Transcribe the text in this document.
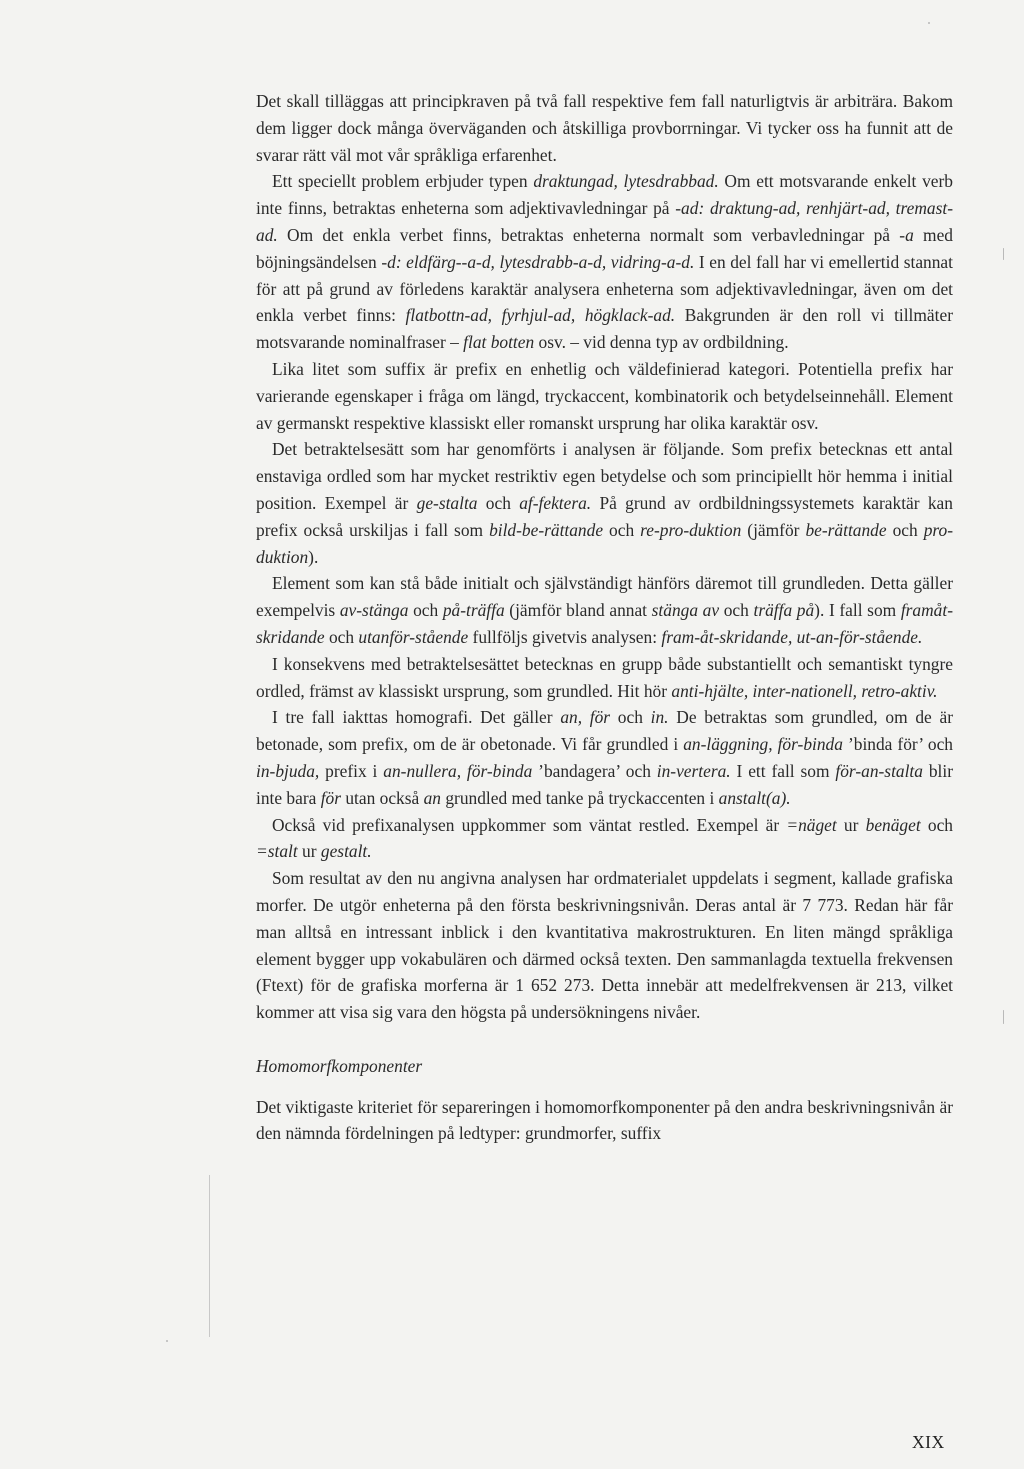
Det skall tilläggas att principkraven på två fall respektive fem fall naturligtvis är arbiträra. Bakom dem ligger dock många överväganden och åtskilliga provborrningar. Vi tycker oss ha funnit att de svarar rätt väl mot vår språkliga erfarenhet.

Ett speciellt problem erbjuder typen draktungad, lytesdrabbad. Om ett motsvarande enkelt verb inte finns, betraktas enheterna som adjektivavledningar på -ad: draktung-ad, renhjärt-ad, tremast-ad. Om det enkla verbet finns, betraktas enheterna normalt som verbavledningar på -a med böjningsändelsen -d: eldfärg--a-d, lytesdrabb-a-d, vidring-a-d. I en del fall har vi emellertid stannat för att på grund av förledens karaktär analysera enheterna som adjektivavledningar, även om det enkla verbet finns: flatbottn-ad, fyrhjul-ad, högklack-ad. Bakgrunden är den roll vi tillmäter motsvarande nominalfraser – flat botten osv. – vid denna typ av ordbildning.

Lika litet som suffix är prefix en enhetlig och väldefinierad kategori. Potentiella prefix har varierande egenskaper i fråga om längd, tryckaccent, kombinatorik och betydelseinnehåll. Element av germanskt respektive klassiskt eller romanskt ursprung har olika karaktär osv.

Det betraktelsesätt som har genomförts i analysen är följande. Som prefix betecknas ett antal enstaviga ordled som har mycket restriktiv egen betydelse och som principiellt hör hemma i initial position. Exempel är ge-stalta och af-fektera. På grund av ordbildningssystemets karaktär kan prefix också urskiljas i fall som bild-be-rättande och re-pro-duktion (jämför be-rättande och pro-duktion).

Element som kan stå både initialt och självständigt hänförs däremot till grundleden. Detta gäller exempelvis av-stänga och på-träffa (jämför bland annat stänga av och träffa på). I fall som framåt-skridande och utanför-stående fullföljs givetvis analysen: fram-åt-skridande, ut-an-för-stående.

I konsekvens med betraktelsesättet betecknas en grupp både substantiellt och semantiskt tyngre ordled, främst av klassiskt ursprung, som grundled. Hit hör anti-hjälte, inter-nationell, retro-aktiv.

I tre fall iakttas homografi. Det gäller an, för och in. De betraktas som grundled, om de är betonade, som prefix, om de är obetonade. Vi får grundled i an-läggning, för-binda ’binda för’ och in-bjuda, prefix i an-nullera, för-binda ’bandagera’ och in-vertera. I ett fall som för-an-stalta blir inte bara för utan också an grundled med tanke på tryckaccenten i anstalt(a).

Också vid prefixanalysen uppkommer som väntat restled. Exempel är =näget ur benäget och =stalt ur gestalt.

Som resultat av den nu angivna analysen har ordmaterialet uppdelats i segment, kallade grafiska morfer. De utgör enheterna på den första beskrivningsnivån. Deras antal är 7 773. Redan här får man alltså en intressant inblick i den kvantitativa makrostrukturen. En liten mängd språkliga element bygger upp vokabulären och därmed också texten. Den sammanlagda textuella frekvensen (Ftext) för de grafiska morferna är 1 652 273. Detta innebär att medelfrekvensen är 213, vilket kommer att visa sig vara den högsta på undersökningens nivåer.

Homomorfkomponenter

Det viktigaste kriteriet för separeringen i homomorfkomponenter på den andra beskrivningsnivån är den nämnda fördelningen på ledtyper: grundmorfer, suffix

XIX
